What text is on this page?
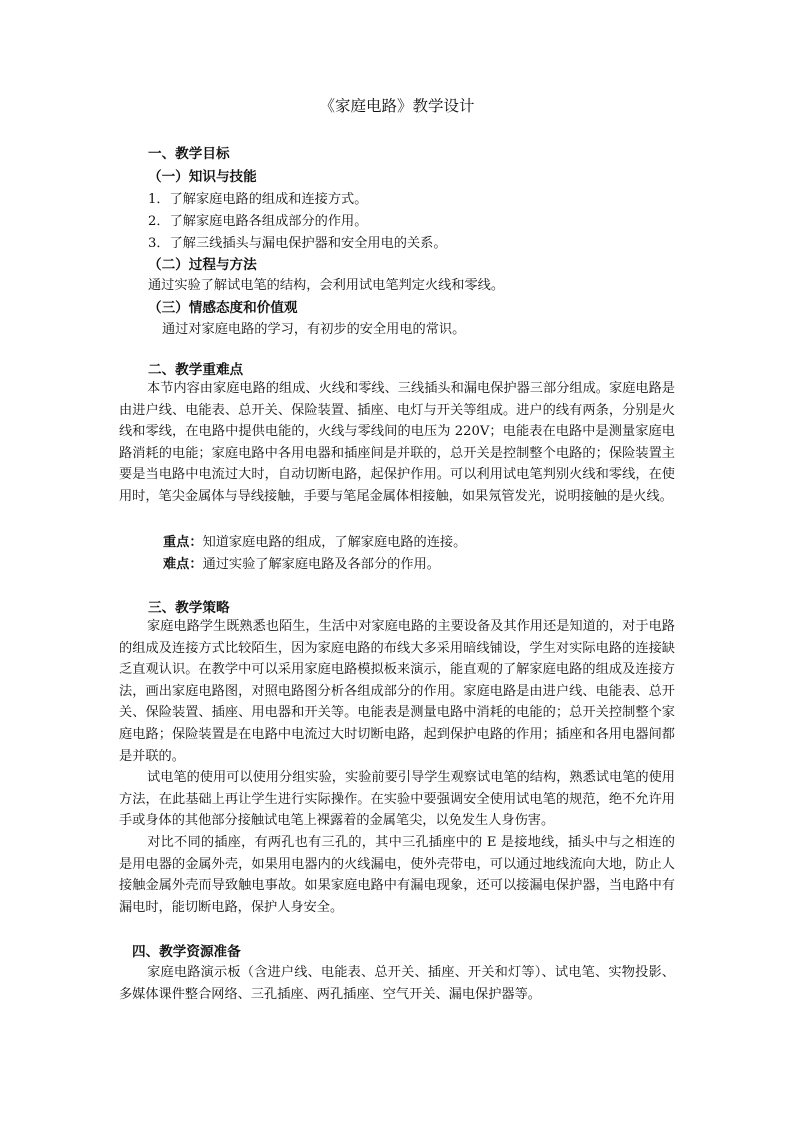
《家庭电路》教学设计
一、教学目标
（一）知识与技能
1．了解家庭电路的组成和连接方式。
2．了解家庭电路各组成部分的作用。
3．了解三线插头与漏电保护器和安全用电的关系。
（二）过程与方法
通过实验了解试电笔的结构，会利用试电笔判定火线和零线。
（三）情感态度和价值观
通过对家庭电路的学习，有初步的安全用电的常识。
二、教学重难点
本节内容由家庭电路的组成、火线和零线、三线插头和漏电保护器三部分组成。家庭电路是由进户线、电能表、总开关、保险装置、插座、电灯与开关等组成。进户的线有两条，分别是火线和零线，在电路中提供电能的，火线与零线间的电压为 220V；电能表在电路中是测量家庭电路消耗的电能；家庭电路中各用电器和插座间是并联的，总开关是控制整个电路的；保险装置主要是当电路中电流过大时，自动切断电路，起保护作用。可以利用试电笔判别火线和零线，在使用时，笔尖金属体与导线接触，手要与笔尾金属体相接触，如果氖管发光，说明接触的是火线。
重点：知道家庭电路的组成，了解家庭电路的连接。
难点：通过实验了解家庭电路及各部分的作用。
三、教学策略
家庭电路学生既熟悉也陌生，生活中对家庭电路的主要设备及其作用还是知道的，对于电路的组成及连接方式比较陌生，因为家庭电路的布线大多采用暗线铺设，学生对实际电路的连接缺乏直观认识。在教学中可以采用家庭电路模拟板来演示，能直观的了解家庭电路的组成及连接方法，画出家庭电路图，对照电路图分析各组成部分的作用。家庭电路是由进户线、电能表、总开关、保险装置、插座、用电器和开关等。电能表是测量电路中消耗的电能的；总开关控制整个家庭电路；保险装置是在电路中电流过大时切断电路，起到保护电路的作用；插座和各用电器间都是并联的。
试电笔的使用可以使用分组实验，实验前要引导学生观察试电笔的结构，熟悉试电笔的使用方法，在此基础上再让学生进行实际操作。在实验中要强调安全使用试电笔的规范，绝不允许用手或身体的其他部分接触试电笔上裸露着的金属笔尖，以免发生人身伤害。
对比不同的插座，有两孔也有三孔的，其中三孔插座中的 E 是接地线，插头中与之相连的是用电器的金属外壳，如果用电器内的火线漏电，使外壳带电，可以通过地线流向大地，防止人接触金属外壳而导致触电事故。如果家庭电路中有漏电现象，还可以接漏电保护器，当电路中有漏电时，能切断电路，保护人身安全。
四、教学资源准备
家庭电路演示板（含进户线、电能表、总开关、插座、开关和灯等）、试电笔、实物投影、多媒体课件整合网络、三孔插座、两孔插座、空气开关、漏电保护器等。
